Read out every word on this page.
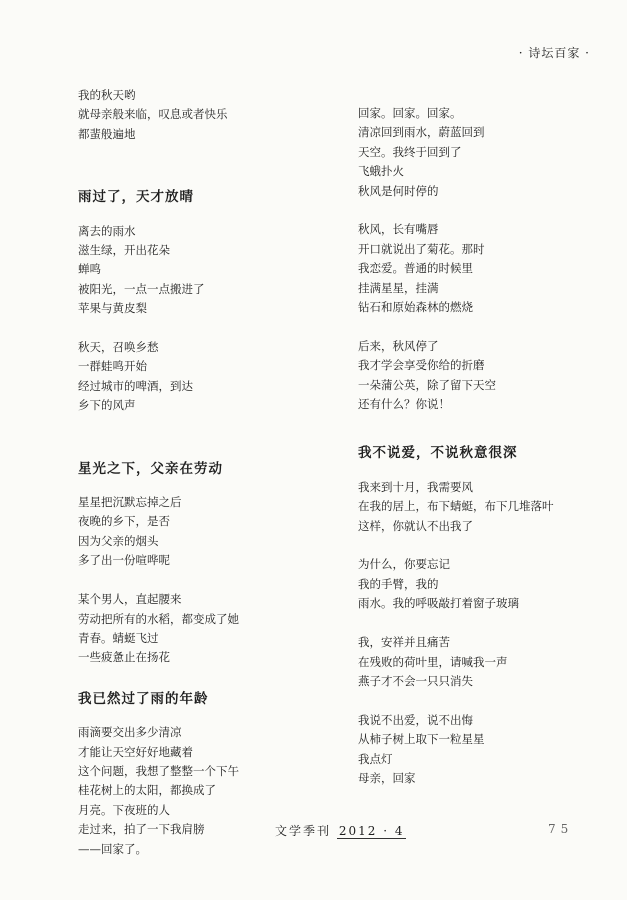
· 诗坛百家 ·
我的秋天哟
就母亲般来临，叹息或者快乐
都蜚般遍地
雨过了，天才放晴
离去的雨水
滋生绿，开出花朵
蝉鸣
被阳光，一点一点搬进了
苹果与黄皮梨
秋天，召唤乡愁
一群蛙鸣开始
经过城市的啤酒，到达
乡下的风声
星光之下，父亲在劳动
星星把沉默忘掉之后
夜晚的乡下，是否
因为父亲的烟头
多了出一份喧哗呢
某个男人，直起腰来
劳动把所有的水稻，都变成了她
青春。蜻蜓飞过
一些疲惫止在扬花
我已然过了雨的年龄
雨滴要交出多少清凉
才能让天空好好地藏着
这个问题，我想了整整一个下午
桂花树上的太阳，都换成了
月亮。下夜班的人
走过来，拍了一下我肩膀
——回家了。
回家。回家。回家。
清凉回到雨水，蔚蓝回到
天空。我终于回到了
飞蛾扑火
秋风是何时停的
秋风，长有嘴唇
开口就说出了菊花。那时
我恋爱。普通的时候里
挂满星星，挂满
钻石和原始森林的燃烧
后来，秋风停了
我才学会享受你给的折磨
一朵蒲公英，除了留下天空
还有什么？你说！
我不说爱，不说秋意很深
我来到十月，我需要风
在我的居上，布下蜻蜓，布下几堆落叶
这样，你就认不出我了
为什么，你要忘记
我的手臂，我的
雨水。我的呼吸敲打着窗子玻璃
我，安祥并且痛苦
在残败的荷叶里，请喊我一声
燕子才不会一只只消失
我说不出爱，说不出悔
从柿子树上取下一粒星星
我点灯
母亲，回家
文学季刊 2012 · 4	75
